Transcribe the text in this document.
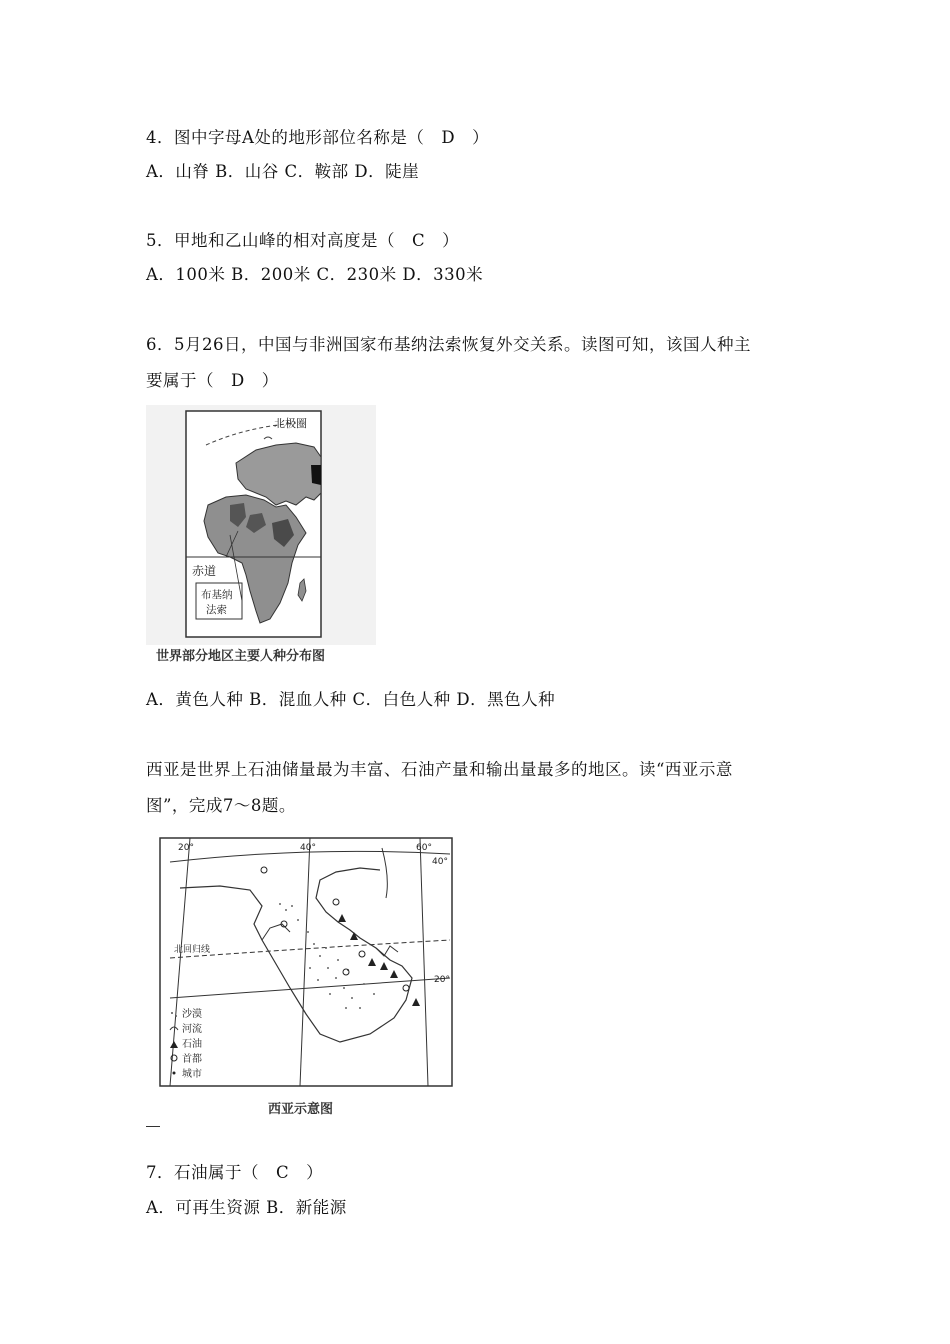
4．图中字母A处的地形部位名称是（　D　）
A．山脊 B．山谷 C．鞍部 D．陡崖
5．甲地和乙山峰的相对高度是（　C　）
A．100米 B．200米 C．230米 D．330米
6．5月26日，中国与非洲国家布基纳法索恢复外交关系。读图可知，该国人种主
要属于（　D　）
北极圈
赤道
布基纳
法索
世界部分地区主要人种分布图
A．黄色人种 B．混血人种 C．白色人种 D．黑色人种
西亚是世界上石油储量最为丰富、石油产量和输出量最多的地区。读“西亚示意
图”，完成7～8题。
20°	40°	60°
40°
20°
北回归线
沙漠
河流
石油
首都
城市
西亚示意图
7．石油属于（　C　）
A．可再生资源 B．新能源
